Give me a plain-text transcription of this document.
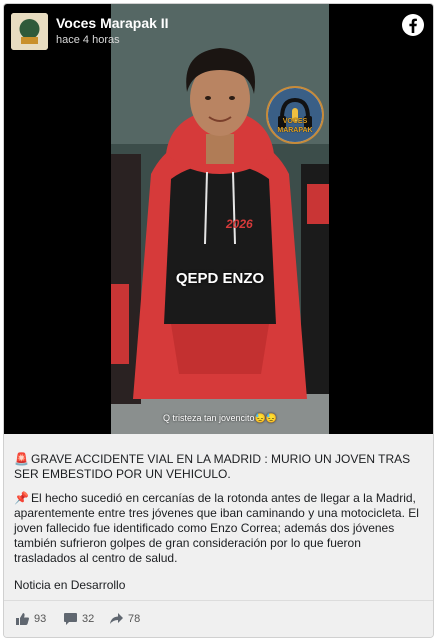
2026
VOCES
MARAPAK
QEPD ENZO
Q tristeza tan jovencito😓😓
Voces Marapak II
hace 4 horas
🚨 GRAVE ACCIDENTE VIAL EN LA MADRID : MURIO UN JOVEN TRAS SER EMBESTIDO POR UN VEHICULO.
📌 El hecho sucedió en cercanías de la rotonda antes de llegar a la Madrid, aparentemente entre tres jóvenes que iban caminando y una motocicleta. El joven fallecido fue identificado como Enzo Correa; además dos jóvenes también sufrieron golpes de gran consideración por lo que fueron trasladados al centro de salud.
Noticia en Desarrollo
93	32	78
